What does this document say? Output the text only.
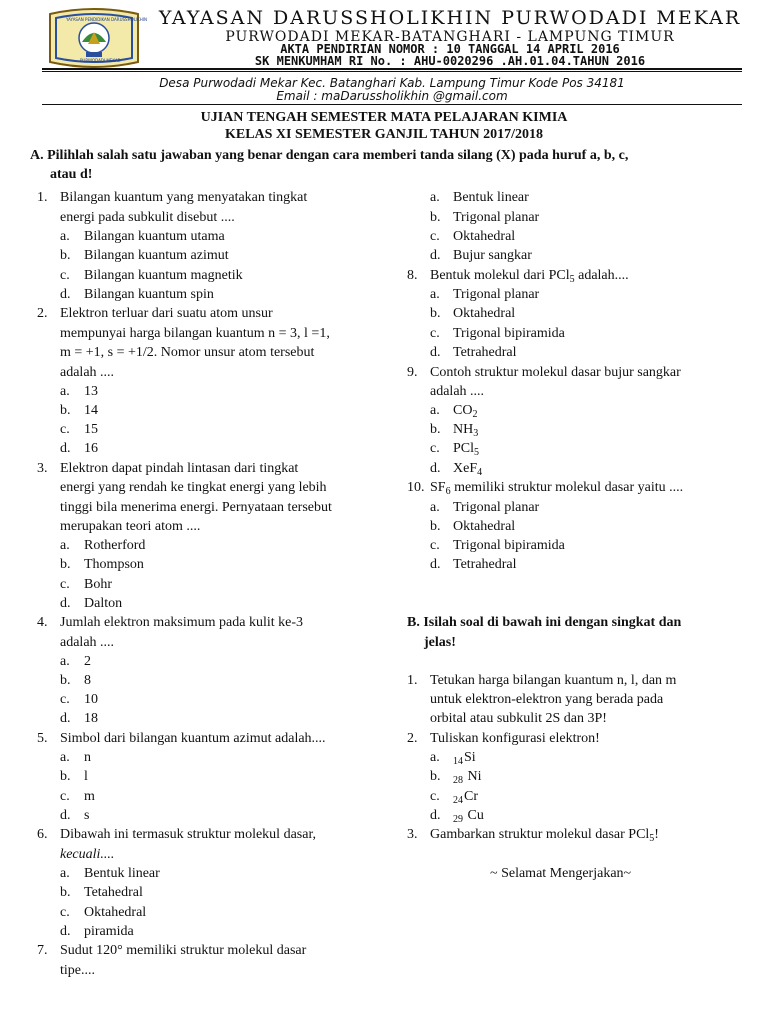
YAYASAN PENDIDIKAN DARUSSHOLIKHIN
PURWODADI MEKAR
YAYASAN DARUSSHOLIKHIN PURWODADI MEKAR
PURWODADI MEKAR-BATANGHARI - LAMPUNG TIMUR
AKTA PENDIRIAN NOMOR : 10 TANGGAL 14 APRIL 2016
SK MENKUMHAM RI No. : AHU-0020296 .AH.01.04.TAHUN 2016
Desa Purwodadi Mekar Kec. Batanghari Kab. Lampung Timur Kode Pos 34181
Email : maDarussholikhin @gmail.com
UJIAN TENGAH SEMESTER MATA PELAJARAN KIMIA
KELAS XI SEMESTER GANJIL TAHUN 2017/2018
A. Pilihlah salah satu jawaban yang benar dengan cara memberi tanda silang (X) pada huruf a, b, c,
atau d!
1. Bilangan kuantum yang menyatakan tingkat
energi pada subkulit disebut ....
a. Bilangan kuantum utama
b. Bilangan kuantum azimut
c. Bilangan kuantum magnetik
d. Bilangan kuantum spin
2. Elektron terluar dari suatu atom unsur
mempunyai harga bilangan kuantum n = 3, l =1,
m = +1, s = +1/2. Nomor unsur atom tersebut
adalah ....
a. 13
b. 14
c. 15
d. 16
3. Elektron dapat pindah lintasan dari tingkat
energi yang rendah ke tingkat energi yang lebih
tinggi bila menerima energi. Pernyataan tersebut
merupakan teori atom ....
a. Rotherford
b. Thompson
c. Bohr
d. Dalton
4. Jumlah elektron maksimum pada kulit ke-3
adalah ....
a. 2
b. 8
c. 10
d. 18
5. Simbol dari bilangan kuantum azimut adalah....
a. n
b. l
c. m
d. s
6. Dibawah ini termasuk struktur molekul dasar,
kecuali....
a. Bentuk linear
b. Tetahedral
c. Oktahedral
d. piramida
7. Sudut 120° memiliki struktur molekul dasar
tipe....
a. Bentuk linear
b. Trigonal planar
c. Oktahedral
d. Bujur sangkar
8. Bentuk molekul dari PCl$_5$ adalah....
a. Trigonal planar
b. Oktahedral
c. Trigonal bipiramida
d. Tetrahedral
9. Contoh struktur molekul dasar bujur sangkar
adalah ....
a. $CO_2$
b. $NH_3$
c. PCl$_5$
d. XeF$_4$
10. $SF_6$ memiliki struktur molekul dasar yaitu ....
a. Trigonal planar
b. Oktahedral
c. Trigonal bipiramida
d. Tetrahedral
B. Isilah soal di bawah ini dengan singkat dan
jelas!
1. Tetukan harga bilangan kuantum n, l, dan m
untuk elektron-elektron yang berada pada
orbital atau subkulit 2S dan 3P!
2. Tuliskan konfigurasi elektron!
a. $_{14}$Si
b. $_{28}$ Ni
c. $_{24}$Cr
d. $_{29}$ Cu
3. Gambarkan struktur molekul dasar PCl$_5$!
~ Selamat Mengerjakan~
